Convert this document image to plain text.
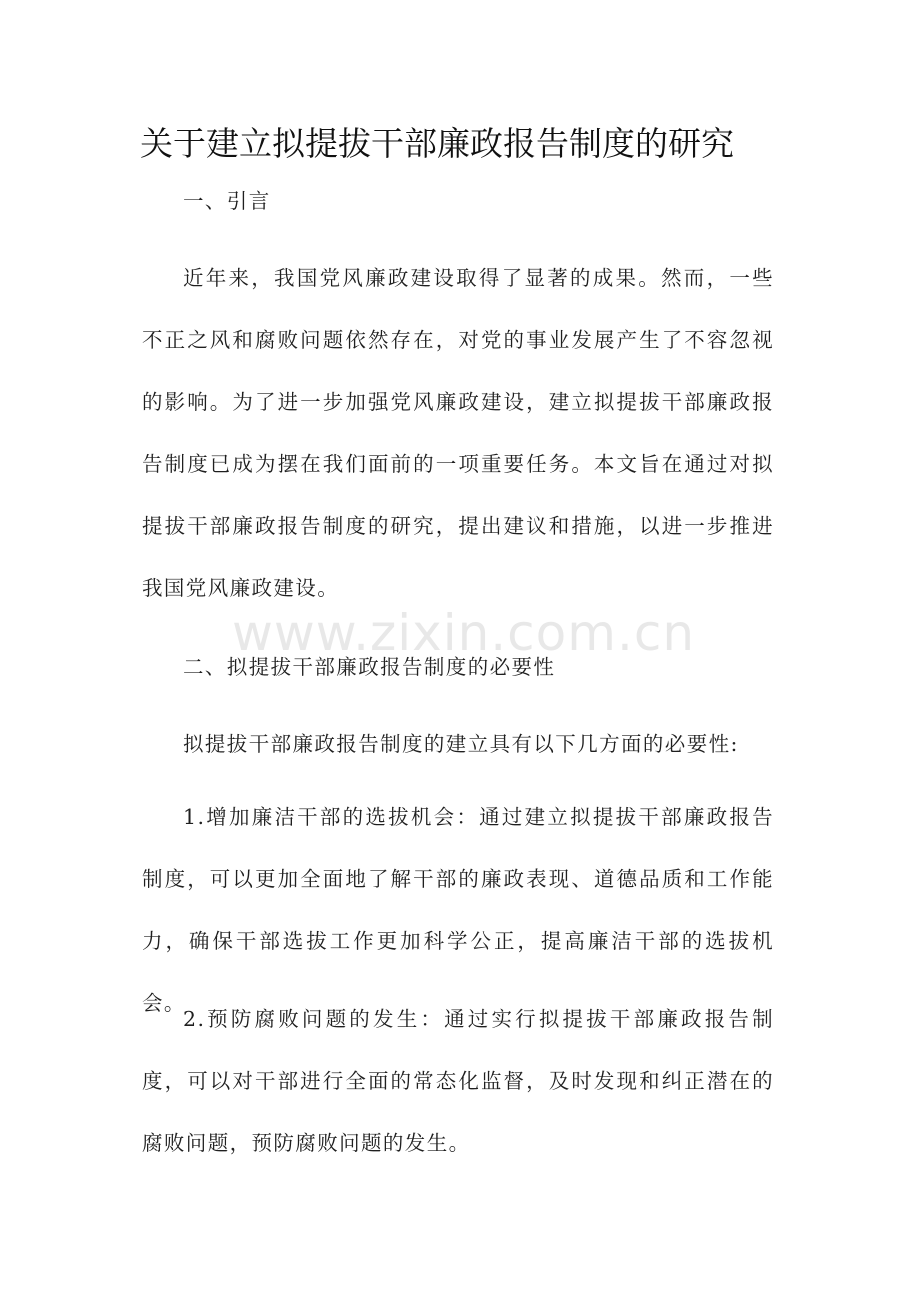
关于建立拟提拔干部廉政报告制度的研究

一、引言

近年来，我国党风廉政建设取得了显著的成果。然而，一些不正之风和腐败问题依然存在，对党的事业发展产生了不容忽视的影响。为了进一步加强党风廉政建设，建立拟提拔干部廉政报告制度已成为摆在我们面前的一项重要任务。本文旨在通过对拟提拔干部廉政报告制度的研究，提出建议和措施，以进一步推进我国党风廉政建设。

www.zixin.com.cn

二、拟提拔干部廉政报告制度的必要性

拟提拔干部廉政报告制度的建立具有以下几方面的必要性:

1.增加廉洁干部的选拔机会：通过建立拟提拔干部廉政报告制度，可以更加全面地了解干部的廉政表现、道德品质和工作能力，确保干部选拔工作更加科学公正，提高廉洁干部的选拔机会。

2.预防腐败问题的发生：通过实行拟提拔干部廉政报告制度，可以对干部进行全面的常态化监督，及时发现和纠正潜在的腐败问题，预防腐败问题的发生。
